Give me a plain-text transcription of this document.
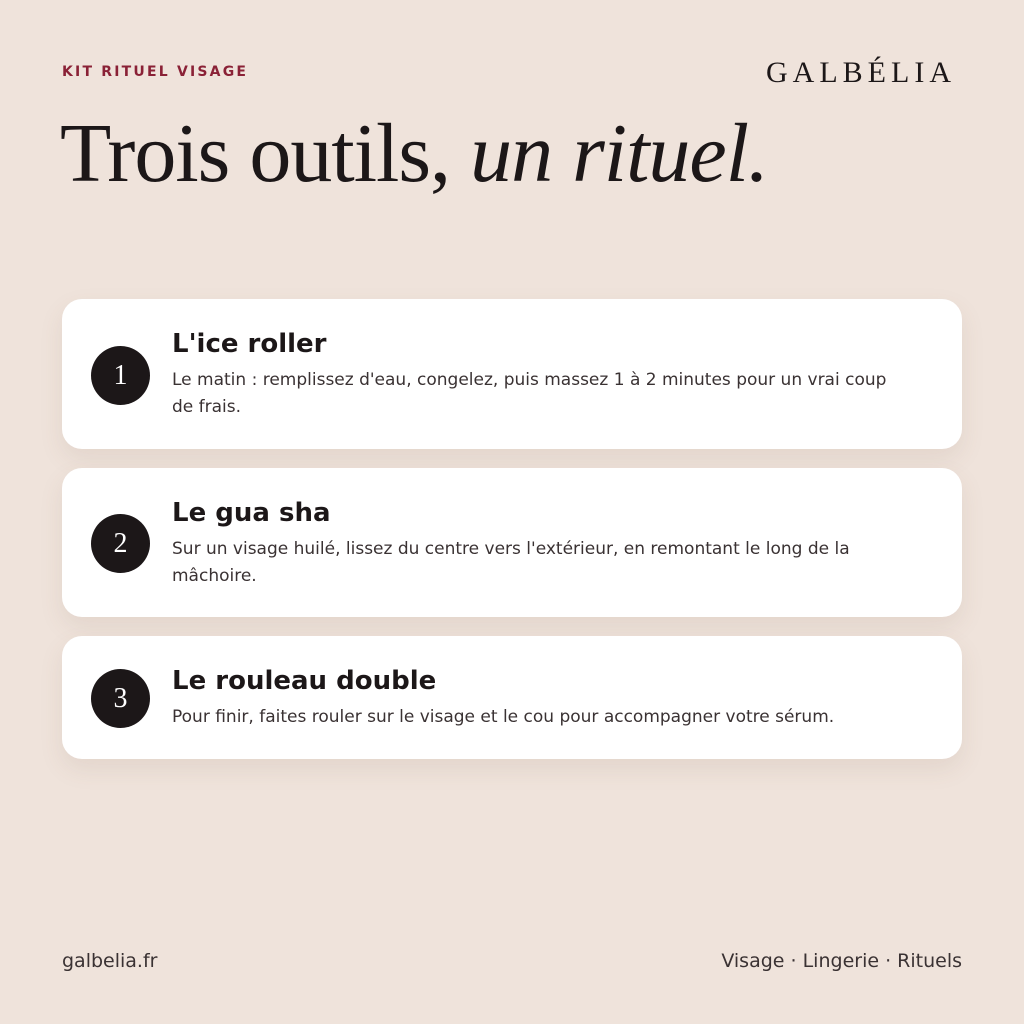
KIT RITUEL VISAGE	GALBÉLIA
Trois outils, un rituel.
1
L'ice roller

Le matin : remplissez d'eau, congelez, puis massez 1 à 2 minutes pour un vrai coup de frais.

2
Le gua sha

Sur un visage huilé, lissez du centre vers l'extérieur, en remontant le long de la mâchoire.

3
Le rouleau double

Pour finir, faites rouler sur le visage et le cou pour accompagner votre sérum.

galbelia.fr	Visage · Lingerie · Rituels
